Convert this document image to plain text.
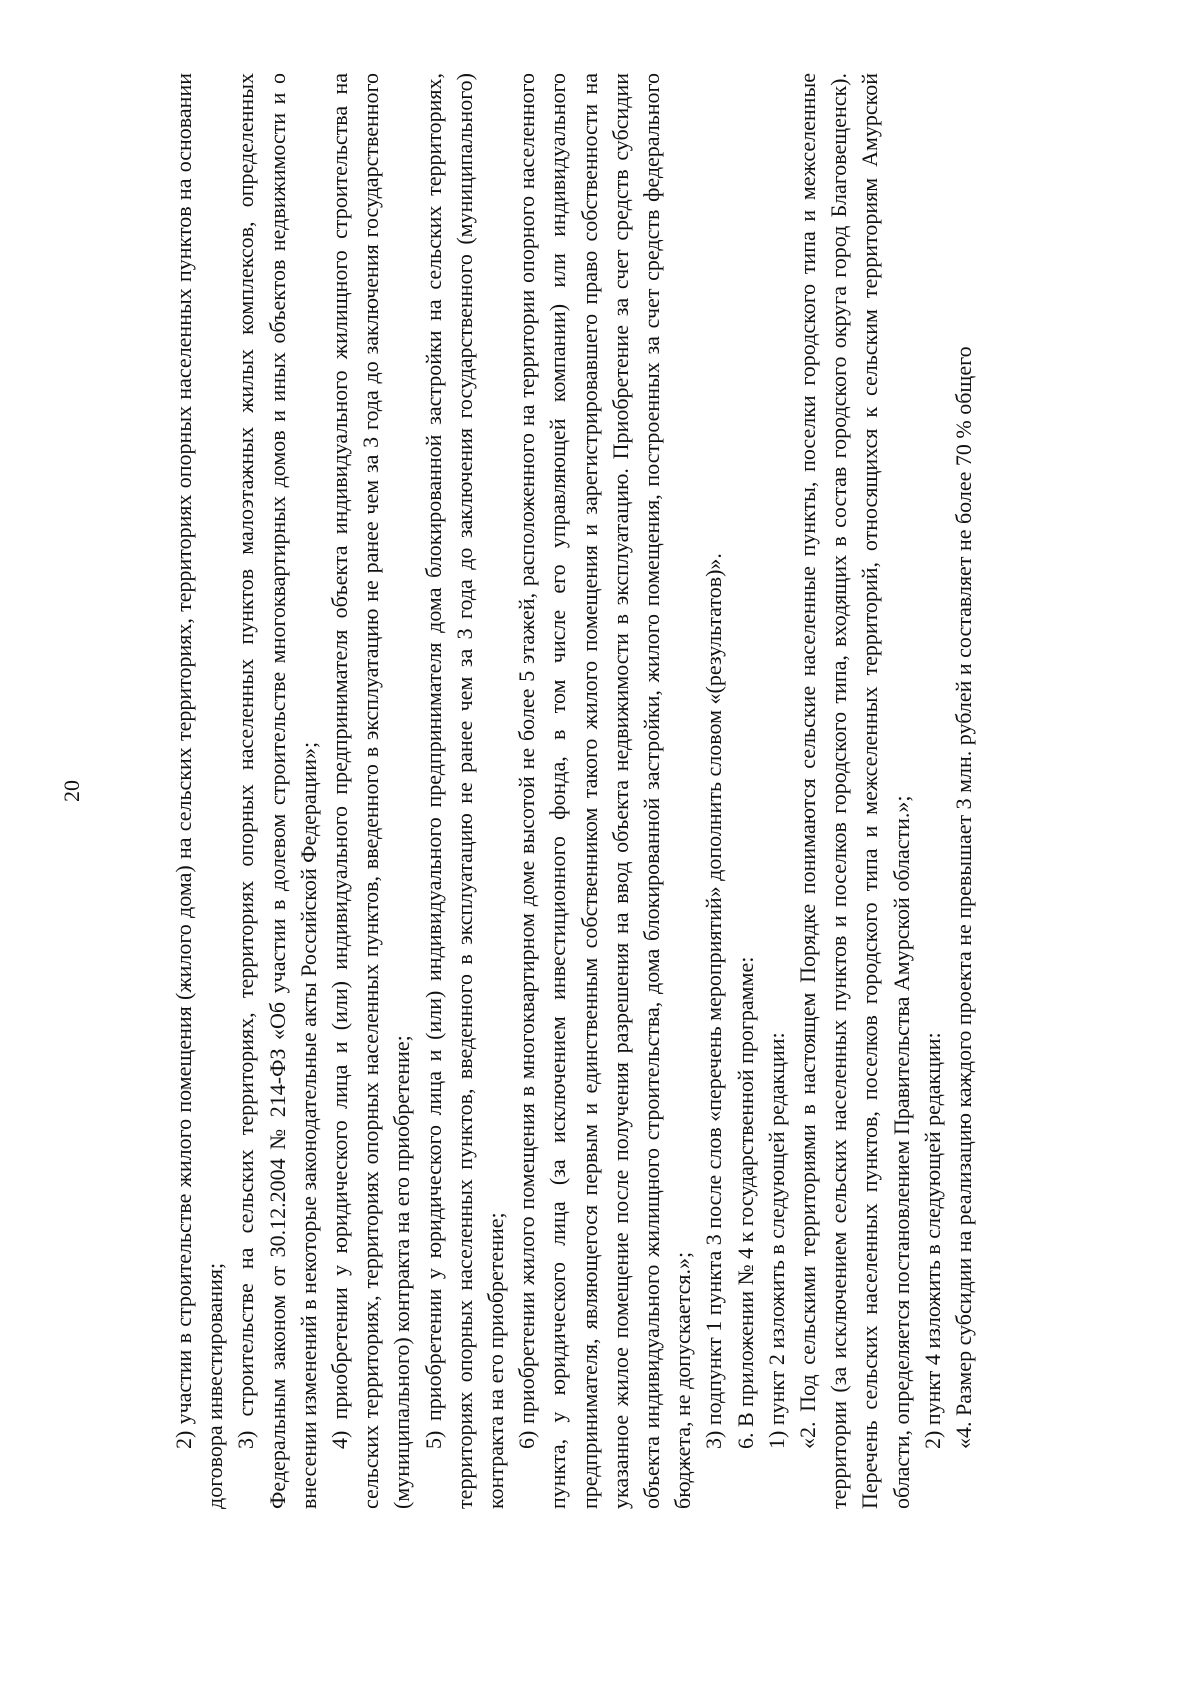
20	2) участии в строительстве жилого помещения (жилого дома) на сельских территориях, территориях опорных населенных пунктов на основании договора инвестирования; 3) строительстве на сельских территориях, территориях опорных населенных пунктов малоэтажных жилых комплексов, определенных Федеральным законом от 30.12.2004 № 214-ФЗ «Об участии в долевом строительстве многоквартирных домов и иных объектов недвижимости и о внесении изменений в некоторые законодательные акты Российской Федерации»; 4) приобретении у юридического лица и (или) индивидуального предпринимателя объекта индивидуального жилищного строительства на сельских территориях, территориях опорных населенных пунктов, введенного в эксплуатацию не ранее чем за 3 года до заключения государственного (муниципального) контракта на его приобретение; 5) приобретении у юридического лица и (или) индивидуального предпринимателя дома блокированной застройки на сельских территориях, территориях опорных населенных пунктов, введенного в эксплуатацию не ранее чем за 3 года до заключения государственного (муниципального) контракта на его приобретение; 6) приобретении жилого помещения в многоквартирном доме высотой не более 5 этажей, расположенного на территории опорного населенного пункта, у юридического лица (за исключением инвестиционного фонда, в том числе его управляющей компании) или индивидуального предпринимателя, являющегося первым и единственным собственником такого жилого помещения и зарегистрировавшего право собственности на указанное жилое помещение после получения разрешения на ввод объекта недвижимости в эксплуатацию. Приобретение за счет средств субсидии объекта индивидуального жилищного строительства, дома блокированной застройки, жилого помещения, построенных за счет средств федерального бюджета, не допускается.»; 3) подпункт 1 пункта 3 после слов «перечень мероприятий» дополнить словом «(результатов)». 6. В приложении № 4 к государственной программе: 1) пункт 2 изложить в следующей редакции: «2. Под сельскими территориями в настоящем Порядке понимаются сельские населенные пункты, поселки городского типа и межселенные территории (за исключением сельских населенных пунктов и поселков городского типа, входящих в состав городского округа город Благовещенск). Перечень сельских населенных пунктов, поселков городского типа и межселенных территорий, относящихся к сельским территориям Амурской области, определяется постановлением Правительства Амурской области.»; 2) пункт 4 изложить в следующей редакции: «4. Размер субсидии на реализацию каждого проекта не превышает 3 млн. рублей и составляет не более 70 % общего
